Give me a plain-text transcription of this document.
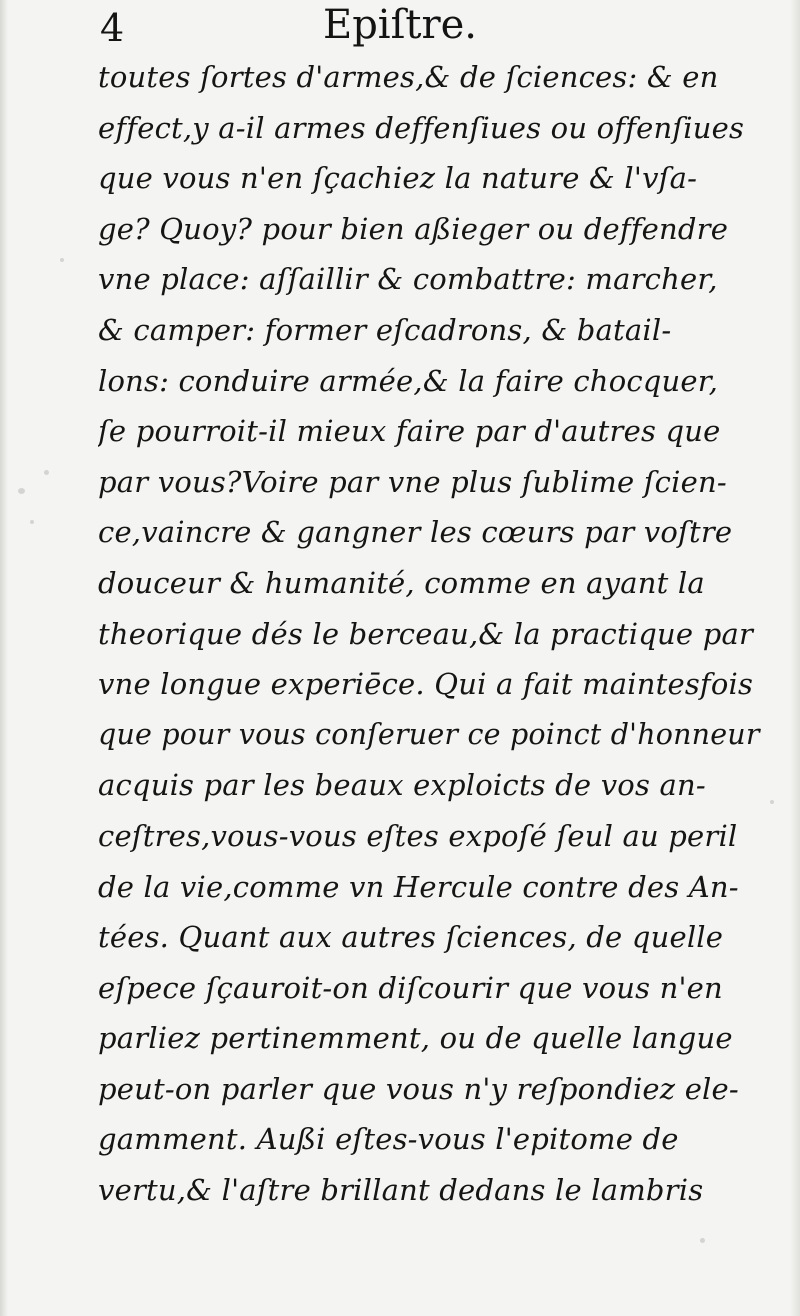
4	Epiſtre.
toutes ſortes d'armes,& de ſciences: & en
effect,y a-il armes deffenſiues ou offenſiues
que vous n'en ſçachiez la nature & l'vſa-
ge? Quoy? pour bien aßieger ou deffendre
vne place: aſſaillir & combattre: marcher,
& camper: former eſcadrons, & batail-
lons: conduire armée,& la faire chocquer,
ſe pourroit-il mieux faire par d'autres que
par vous?Voire par vne plus ſublime ſcien-
ce,vaincre & gangner les cœurs par voſtre
douceur & humanité, comme en ayant la
theorique dés le berceau,& la practique par
vne longue experiēce. Qui a fait maintesfois
que pour vous conſeruer ce poinct d'honneur
acquis par les beaux exploicts de vos an-
ceſtres,vous-vous eſtes expoſé ſeul au peril
de la vie,comme vn Hercule contre des An-
tées. Quant aux autres ſciences, de quelle
eſpece ſçauroit-on diſcourir que vous n'en
parliez pertinemment, ou de quelle langue
peut-on parler que vous n'y reſpondiez ele-
gamment. Außi eſtes-vous l'epitome de
vertu,& l'aſtre brillant dedans le lambris
